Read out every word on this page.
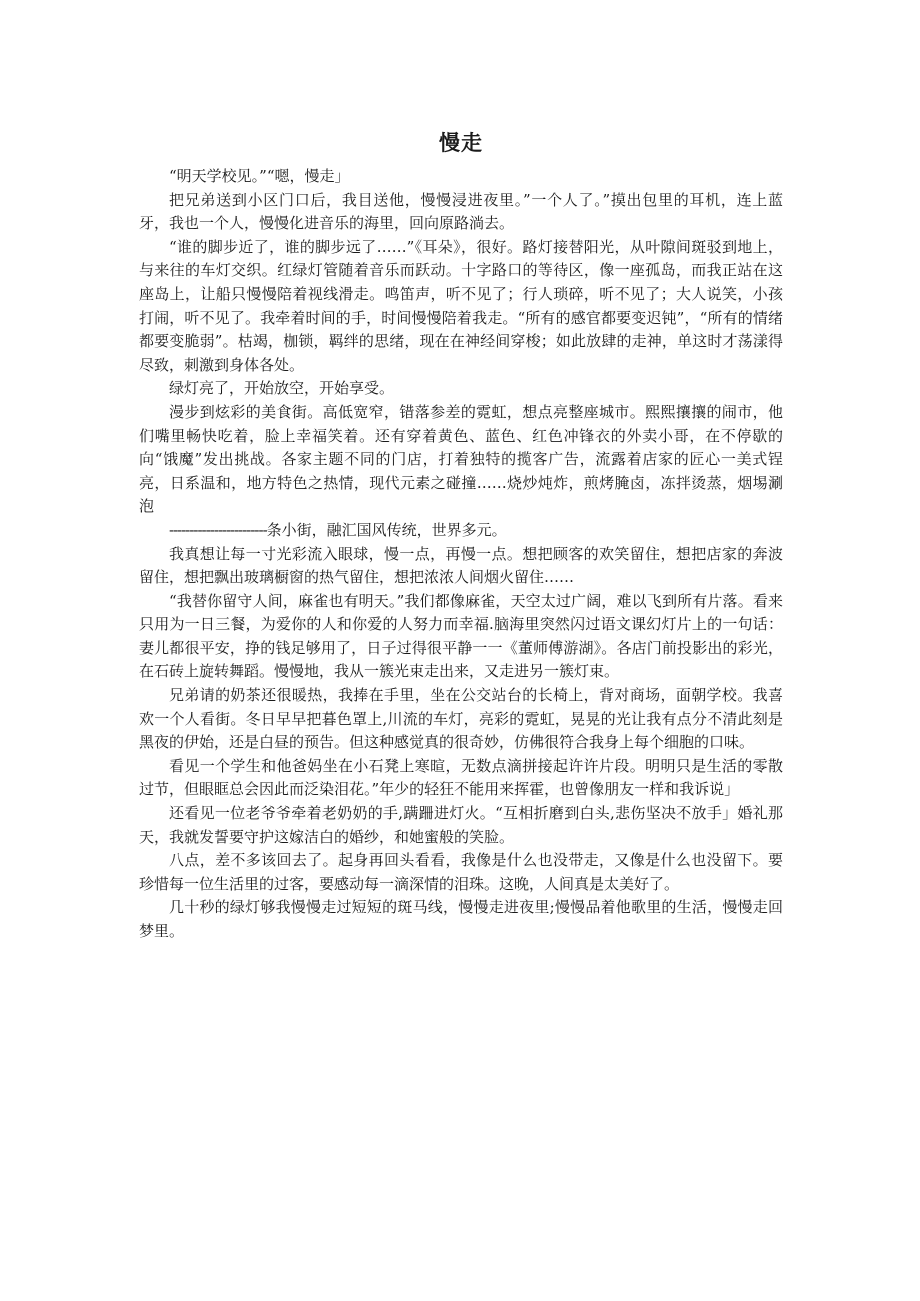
慢走

“明天学校见。”“嗯，慢走」

把兄弟送到小区门口后，我目送他，慢慢浸进夜里。”一个人了。”摸出包里的耳机，连上蓝牙，我也一个人，慢慢化进音乐的海里，回向原路淌去。

“谁的脚步近了，谁的脚步远了……”《耳朵》，很好。路灯接替阳光，从叶隙间斑驳到地上，与来往的车灯交织。红绿灯管随着音乐而跃动。十字路口的等待区，像一座孤岛，而我正站在这座岛上，让船只慢慢陪着视线滑走。鸣笛声，听不见了；行人琐碎，听不见了；大人说笑，小孩打闹，听不见了。我牵着时间的手，时间慢慢陪着我走。“所有的感官都要变迟钝”，“所有的情绪都要变脆弱”。枯竭，枷锁，羁绊的思绪，现在在神经间穿梭；如此放肆的走神，单这时才荡漾得尽致，刺激到身体各处。

绿灯亮了，开始放空，开始享受。

漫步到炫彩的美食街。高低宽窄，错落参差的霓虹，想点亮整座城市。熙熙攘攘的闹市，他们嘴里畅快吃着，脸上幸福笑着。还有穿着黄色、蓝色、红色冲锋衣的外卖小哥，在不停歇的向“饿魔”发出挑战。各家主题不同的门店，打着独特的揽客广告，流露着店家的匠心一美式锃亮，日系温和，地方特色之热情，现代元素之碰撞……烧炒炖炸，煎烤腌卤，冻拌烫蒸，烟埸涮泡

------------------------条小街，融汇国风传统，世界多元。

我真想让每一寸光彩流入眼球，慢一点，再慢一点。想把顾客的欢笑留住，想把店家的奔波留住，想把飘出玻璃橱窗的热气留住，想把浓浓人间烟火留住……

“我替你留守人间，麻雀也有明天。”我们都像麻雀，天空太过广阔，难以飞到所有片落。看来只用为一日三餐，为爱你的人和你爱的人努力而幸福.脑海里突然闪过语文课幻灯片上的一句话：妻儿都很平安，挣的钱足够用了，日子过得很平静一一《董师傅游湖》。各店门前投影出的彩光，在石砖上旋转舞蹈。慢慢地，我从一簇光束走出来，又走进另一簇灯束。

兄弟请的奶茶还很暖热，我捧在手里，坐在公交站台的长椅上，背对商场，面朝学校。我喜欢一个人看街。冬日早早把暮色罩上,川流的车灯，亮彩的霓虹，晃晃的光让我有点分不清此刻是黑夜的伊始，还是白昼的预告。但这种感觉真的很奇妙，仿佛很符合我身上每个细胞的口味。

看见一个学生和他爸妈坐在小石凳上寒暄，无数点滴拼接起许许片段。明明只是生活的零散过节，但眼眶总会因此而泛染泪花。”年少的轻狂不能用来挥霍，也曾像朋友一样和我诉说」

还看见一位老爷爷牵着老奶奶的手,蹒跚进灯火。“互相折磨到白头,悲伤坚决不放手」婚礼那天，我就发誓要守护这嫁洁白的婚纱，和她蜜般的笑脸。

八点，差不多该回去了。起身再回头看看，我像是什么也没带走，又像是什么也没留下。要珍惜每一位生活里的过客，要感动每一滴深情的泪珠。这晚，人间真是太美好了。

几十秒的绿灯够我慢慢走过短短的斑马线，慢慢走进夜里;慢慢品着他歌里的生活，慢慢走回梦里。
